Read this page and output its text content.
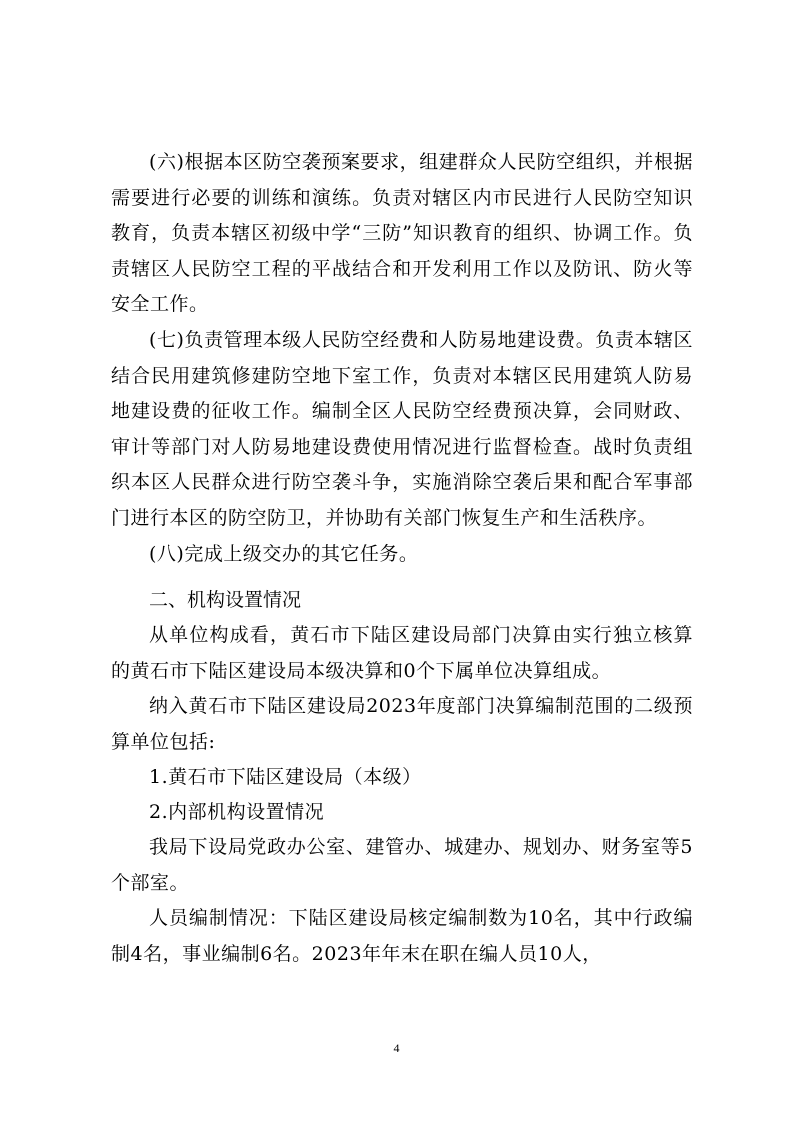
(六)根据本区防空袭预案要求，组建群众人民防空组织，并根据需要进行必要的训练和演练。负责对辖区内市民进行人民防空知识教育，负责本辖区初级中学“三防”知识教育的组织、协调工作。负责辖区人民防空工程的平战结合和开发利用工作以及防讯、防火等安全工作。

(七)负责管理本级人民防空经费和人防易地建设费。负责本辖区结合民用建筑修建防空地下室工作，负责对本辖区民用建筑人防易地建设费的征收工作。编制全区人民防空经费预决算，会同财政、审计等部门对人防易地建设费使用情况进行监督检查。战时负责组织本区人民群众进行防空袭斗争，实施消除空袭后果和配合军事部门进行本区的防空防卫，并协助有关部门恢复生产和生活秩序。

(八)完成上级交办的其它任务。

二、机构设置情况

从单位构成看，黄石市下陆区建设局部门决算由实行独立核算的黄石市下陆区建设局本级决算和0个下属单位决算组成。

纳入黄石市下陆区建设局2023年度部门决算编制范围的二级预算单位包括:

1.黄石市下陆区建设局（本级）

2.内部机构设置情况

我局下设局党政办公室、建管办、城建办、规划办、财务室等5个部室。

人员编制情况：下陆区建设局核定编制数为10名，其中行政编制4名，事业编制6名。2023年年末在职在编人员10人，

4
